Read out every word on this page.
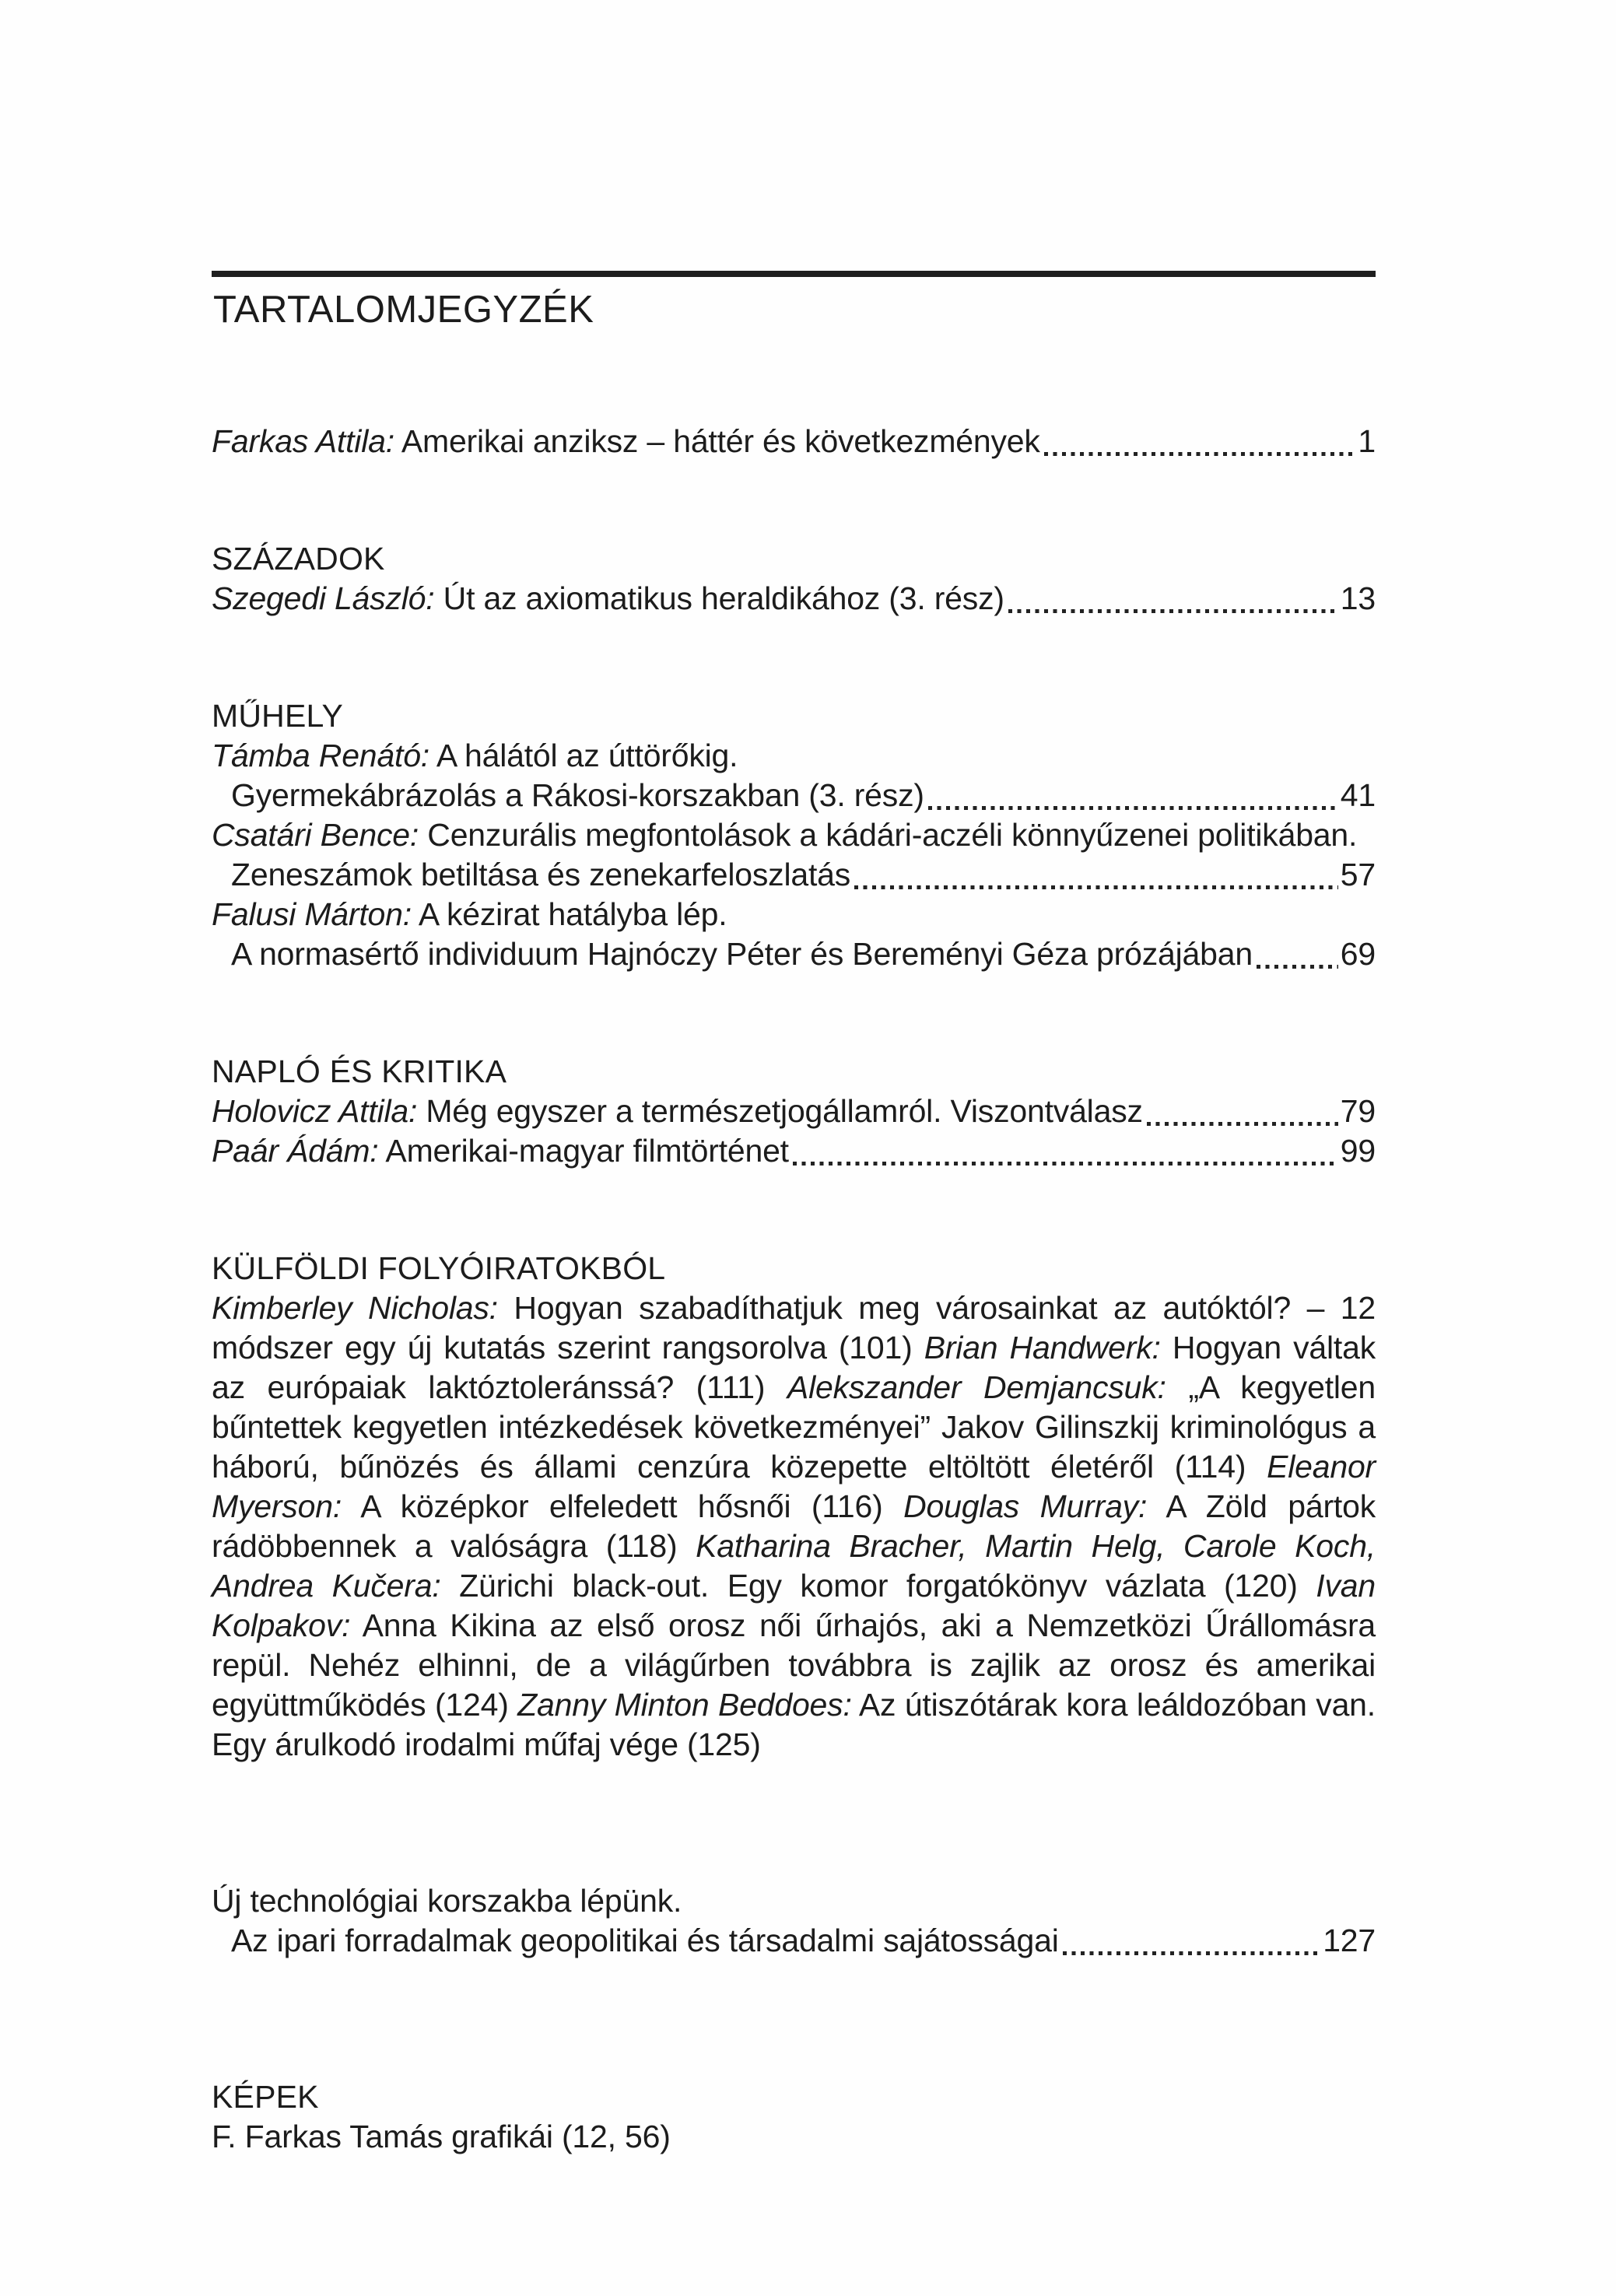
TARTALOMJEGYZÉK
Farkas Attila: Amerikai anziksz – háttér és következmények	1
SZÁZADOK
Szegedi László: Út az axiomatikus heraldikához (3. rész)	13
MŰHELY
Támba Renátó: A hálától az úttörőkig.
Gyermekábrázolás a Rákosi-korszakban (3. rész)	41
Csatári Bence: Cenzurális megfontolások a kádári-aczéli könnyűzenei politikában.
Zeneszámok betiltása és zenekarfeloszlatás	57
Falusi Márton: A kézirat hatályba lép.
A normasértő individuum Hajnóczy Péter és Bereményi Géza prózájában	69
NAPLÓ ÉS KRITIKA
Holovicz Attila: Még egyszer a természetjogállamról. Viszontválasz	79
Paár Ádám: Amerikai-magyar filmtörténet	99
KÜLFÖLDI FOLYÓIRATOKBÓL

Kimberley Nicholas: Hogyan szabadíthatjuk meg városainkat az autóktól? – 12 módszer egy új kutatás szerint rangsorolva (101) Brian Handwerk: Hogyan váltak az európaiak laktóztoleránssá? (111) Alekszander Demjancsuk: „A kegyetlen bűntettek kegyetlen intézkedések következményei” Jakov Gilinszkij kriminológus a háború, bűnözés és állami cenzúra közepette eltöltött életéről (114) Eleanor Myerson: A középkor elfeledett hősnői (116) Douglas Murray: A Zöld pártok rádöbbennek a valóságra (118) Katharina Bracher, Martin Helg, Carole Koch, Andrea Kučera: Zürichi black-out. Egy komor forgatókönyv vázlata (120) Ivan Kolpakov: Anna Kikina az első orosz női űrhajós, aki a Nemzetközi Űrállomásra repül. Nehéz elhinni, de a világűrben továbbra is zajlik az orosz és amerikai együttműködés (124) Zanny Minton Beddoes: Az útiszótárak kora leáldozóban van. Egy árulkodó irodalmi műfaj vége (125)

Új technológiai korszakba lépünk.
Az ipari forradalmak geopolitikai és társadalmi sajátosságai	127
KÉPEK
F. Farkas Tamás grafikái (12, 56)
